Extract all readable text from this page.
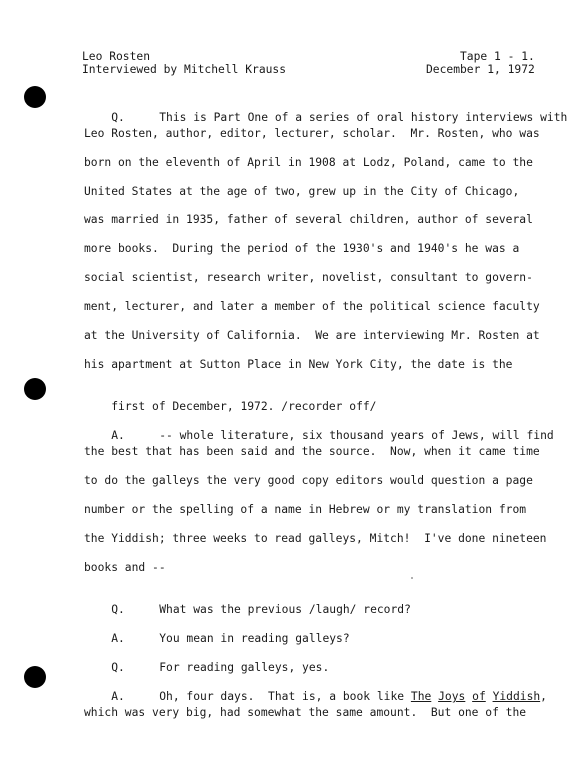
Leo Rosten
Interviewed by Mitchell Krauss
Tape 1 - 1.
December 1, 1972

Q.	This is Part One of a series of oral history interviews with

Leo Rosten, author, editor, lecturer, scholar.  Mr. Rosten, who was
born on the eleventh of April in 1908 at Lodz, Poland, came to the
United States at the age of two, grew up in the City of Chicago,
was married in 1935, father of several children, author of several
more books.  During the period of the 1930's and 1940's he was a
social scientist, research writer, novelist, consultant to govern-
ment, lecturer, and later a member of the political science faculty
at the University of California.  We are interviewing Mr. Rosten at
his apartment at Sutton Place in New York City, the date is the

first of December, 1972. /recorder off/

A.	-- whole literature, six thousand years of Jews, will find

the best that has been said and the source.  Now, when it came time
to do the galleys the very good copy editors would question a page
number or the spelling of a name in Hebrew or my translation from
the Yiddish; three weeks to read galleys, Mitch!  I've done nineteen
books and --

Q.	What was the previous /laugh/ record?

A.	You mean in reading galleys?

Q.	For reading galleys, yes.

A.	Oh, four days.  That is, a book like The Joys of Yiddish,

which was very big, had somewhat the same amount.  But one of the
